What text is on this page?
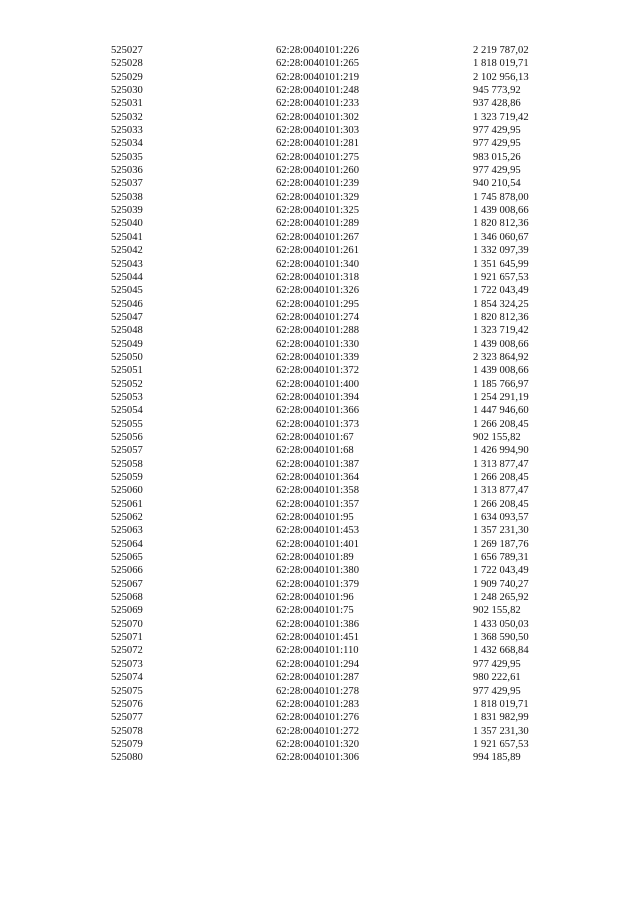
525027	62:28:0040101:226	2 219 787,02
525028	62:28:0040101:265	1 818 019,71
525029	62:28:0040101:219	2 102 956,13
525030	62:28:0040101:248	945 773,92
525031	62:28:0040101:233	937 428,86
525032	62:28:0040101:302	1 323 719,42
525033	62:28:0040101:303	977 429,95
525034	62:28:0040101:281	977 429,95
525035	62:28:0040101:275	983 015,26
525036	62:28:0040101:260	977 429,95
525037	62:28:0040101:239	940 210,54
525038	62:28:0040101:329	1 745 878,00
525039	62:28:0040101:325	1 439 008,66
525040	62:28:0040101:289	1 820 812,36
525041	62:28:0040101:267	1 346 060,67
525042	62:28:0040101:261	1 332 097,39
525043	62:28:0040101:340	1 351 645,99
525044	62:28:0040101:318	1 921 657,53
525045	62:28:0040101:326	1 722 043,49
525046	62:28:0040101:295	1 854 324,25
525047	62:28:0040101:274	1 820 812,36
525048	62:28:0040101:288	1 323 719,42
525049	62:28:0040101:330	1 439 008,66
525050	62:28:0040101:339	2 323 864,92
525051	62:28:0040101:372	1 439 008,66
525052	62:28:0040101:400	1 185 766,97
525053	62:28:0040101:394	1 254 291,19
525054	62:28:0040101:366	1 447 946,60
525055	62:28:0040101:373	1 266 208,45
525056	62:28:0040101:67	902 155,82
525057	62:28:0040101:68	1 426 994,90
525058	62:28:0040101:387	1 313 877,47
525059	62:28:0040101:364	1 266 208,45
525060	62:28:0040101:358	1 313 877,47
525061	62:28:0040101:357	1 266 208,45
525062	62:28:0040101:95	1 634 093,57
525063	62:28:0040101:453	1 357 231,30
525064	62:28:0040101:401	1 269 187,76
525065	62:28:0040101:89	1 656 789,31
525066	62:28:0040101:380	1 722 043,49
525067	62:28:0040101:379	1 909 740,27
525068	62:28:0040101:96	1 248 265,92
525069	62:28:0040101:75	902 155,82
525070	62:28:0040101:386	1 433 050,03
525071	62:28:0040101:451	1 368 590,50
525072	62:28:0040101:110	1 432 668,84
525073	62:28:0040101:294	977 429,95
525074	62:28:0040101:287	980 222,61
525075	62:28:0040101:278	977 429,95
525076	62:28:0040101:283	1 818 019,71
525077	62:28:0040101:276	1 831 982,99
525078	62:28:0040101:272	1 357 231,30
525079	62:28:0040101:320	1 921 657,53
525080	62:28:0040101:306	994 185,89
